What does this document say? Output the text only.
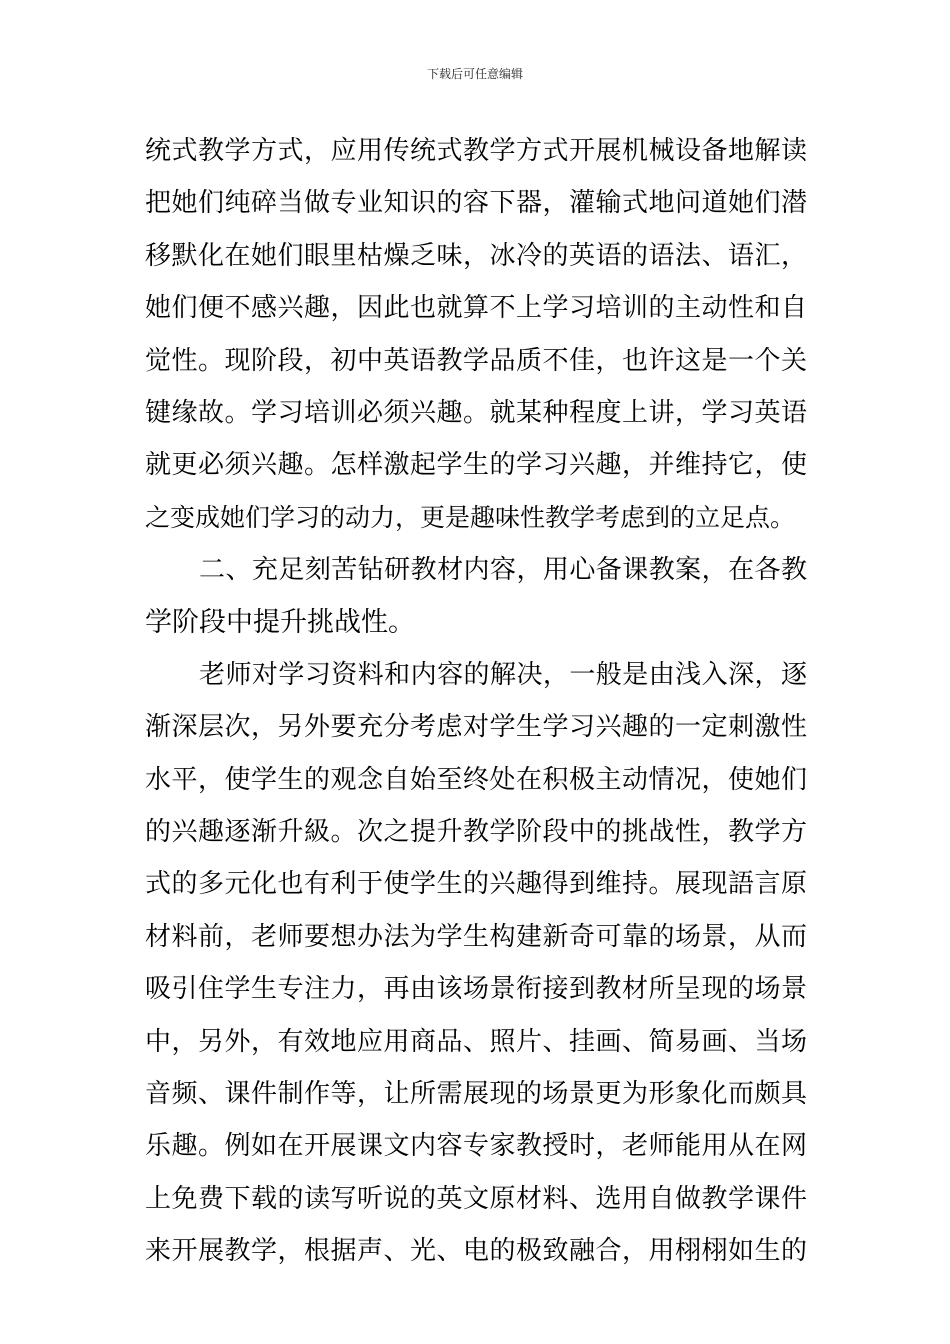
下载后可任意编辑
统式教学方式，应用传统式教学方式开展机械设备地解读
把她们纯碎当做专业知识的容下器，灌输式地问道她们潜
移默化在她们眼里枯燥乏味，冰冷的英语的语法、语汇，
她们便不感兴趣，因此也就算不上学习培训的主动性和自
觉性。现阶段，初中英语教学品质不佳，也许这是一个关
键缘故。学习培训必须兴趣。就某种程度上讲，学习英语
就更必须兴趣。怎样激起学生的学习兴趣，并维持它，使
之变成她们学习的动力，更是趣味性教学考虑到的立足点。
二、充足刻苦钻研教材内容，用心备课教案，在各教
学阶段中提升挑战性。
老师对学习资料和内容的解决，一般是由浅入深，逐
渐深层次，另外要充分考虑对学生学习兴趣的一定刺激性
水平，使学生的观念自始至终处在积极主动情况，使她们
的兴趣逐渐升級。次之提升教学阶段中的挑战性，教学方
式的多元化也有利于使学生的兴趣得到维持。展现語言原
材料前，老师要想办法为学生构建新奇可靠的场景，从而
吸引住学生专注力，再由该场景衔接到教材所呈现的场景
中，另外，有效地应用商品、照片、挂画、简易画、当场
音频、课件制作等，让所需展现的场景更为形象化而颇具
乐趣。例如在开展课文内容专家教授时，老师能用从在网
上免费下载的读写听说的英文原材料、选用自做教学课件
来开展教学，根据声、光、电的极致融合，用栩栩如生的
